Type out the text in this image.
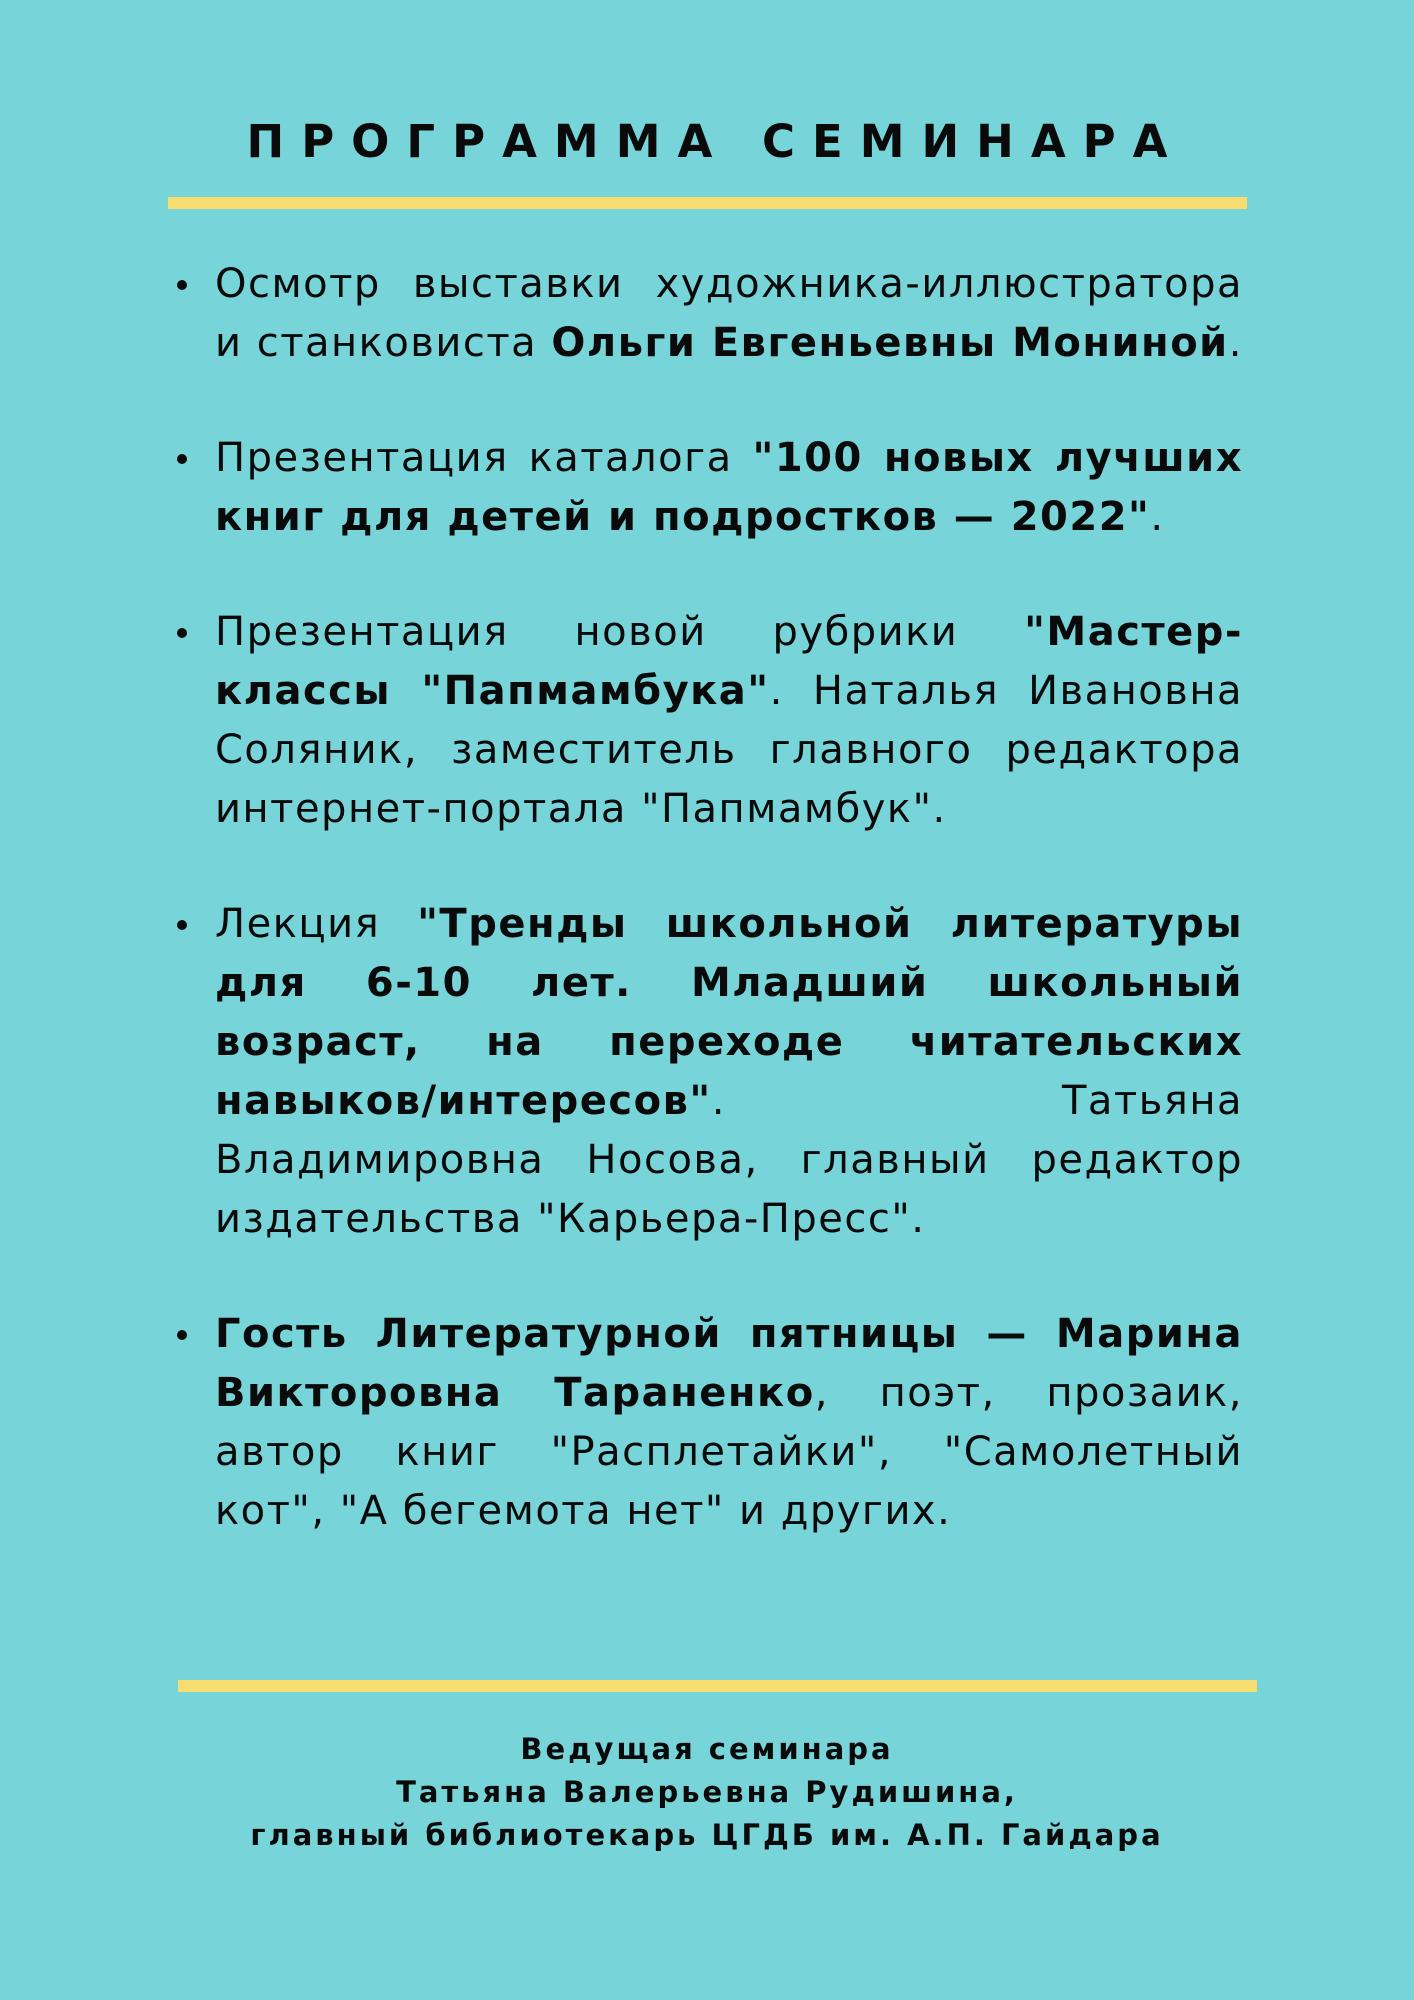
ПРОГРАММА СЕМИНАРА
Осмотр выставки художника-иллюстратора и станковиста Ольги Евгеньевны Мониной.
Презентация каталога "100 новых лучших книг для детей и подростков — 2022".
Презентация новой рубрики "Мастер-классы "Папмамбука". Наталья Ивановна Соляник, заместитель главного редактора интернет-портала "Папмамбук".
Лекция "Тренды школьной литературы для 6-10 лет. Младший школьный возраст, на переходе читательских навыков/интересов". Татьяна Владимировна Носова, главный редактор издательства "Карьера-Пресс".
Гость Литературной пятницы — Марина Викторовна Тараненко, поэт, прозаик, автор книг "Расплетайки", "Самолетный кот", "А бегемота нет" и других.
Ведущая семинара
Татьяна Валерьевна Рудишина,
главный библиотекарь ЦГДБ им. А.П. Гайдара
